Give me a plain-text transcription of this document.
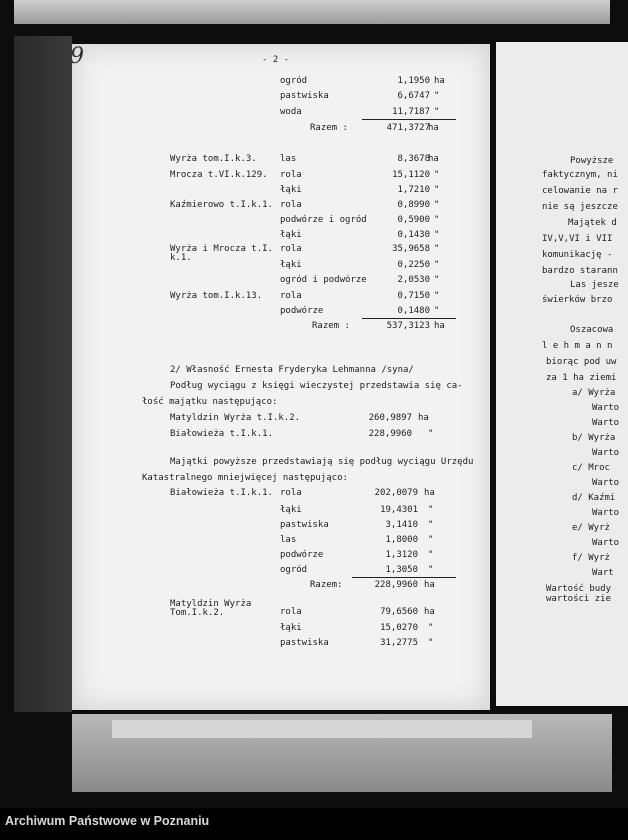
- 2 -
ogród	1,1950 ha
pastwiska	6,6747 "
woda	11,7187 "
Razem :	471,3727
ha
Wyrża tom.I.k.3.	las	8,3678
ha
Mrocza t.VI.k.129. rola	15,1120 "
łąki	1,7210 "
Kaźmierowo t.I.k.1. rola	0,8990 "
podwórze i ogród	0,5900 "
łąki	0,1430 "
Wyrża i Mrocza t.I. rola	35,9658 "
k.1.
łąki	0,2250 "
ogród i podwórze	2,0530 "
Wyrża tom.I.k.13. rola	0,7150 "
podwórze	0,1480 "
Razem :	537,3123 ha
2/ Własność Ernesta Fryderyka Lehmanna /syna/
Podług wyciągu z księgi wieczystej przedstawia się ca-
łość majątku następująco:
Matyldzin Wyrża t.I.k.2.	260,9897 ha
Białowieża t.I.k.1.	228,9960 "
Majątki powyższe przedstawiają się podług wyciągu Urzędu
Katastralnego mniejwięcej następująco:
Białowieża t.I.k.1. rola	202,0079 ha
łąki	19,4301 "
pastwiska	3,1410 "
las	1,8000 "
podwórze	1,3120 "
ogród	1,3050 "
Razem:	228,9960 ha
Matyldzin Wyrża
Tom.I.k.2.	rola	79,6560 ha
łąki	15,0270 "
pastwiska	31,2775 "
9
Powyższe
faktycznym, ni
celowanie na r
nie są jeszcze
Majątek d
IV,V,VI i VII
komunikację -
bardzo starann
Las jesze
świerków brzo
Oszacowa
l e h m a n n
biorąc pod uw
za 1 ha ziemi
a/ Wyrża
Warto
Warto
b/ Wyrża
Warto
c/ Mroc
Warto
d/ Kaźmi
Warto
e/ Wyrż
Warto
f/ Wyrż
Wart
Wartość budy
wartości zie
Archiwum Państwowe w Poznaniu
